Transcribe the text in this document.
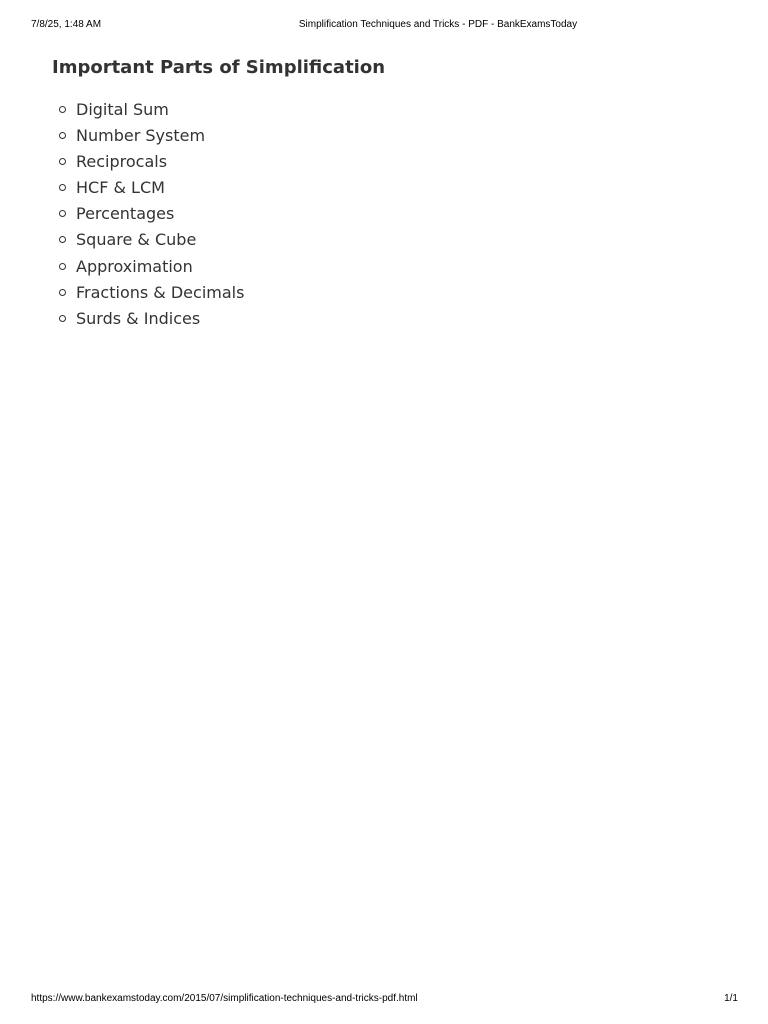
7/8/25, 1:48 AM	Simplification Techniques and Tricks - PDF - BankExamsToday
Important Parts of Simplification
Digital Sum
Number System
Reciprocals
HCF & LCM
Percentages
Square & Cube
Approximation
Fractions & Decimals
Surds & Indices
https://www.bankexamstoday.com/2015/07/simplification-techniques-and-tricks-pdf.html	1/1
